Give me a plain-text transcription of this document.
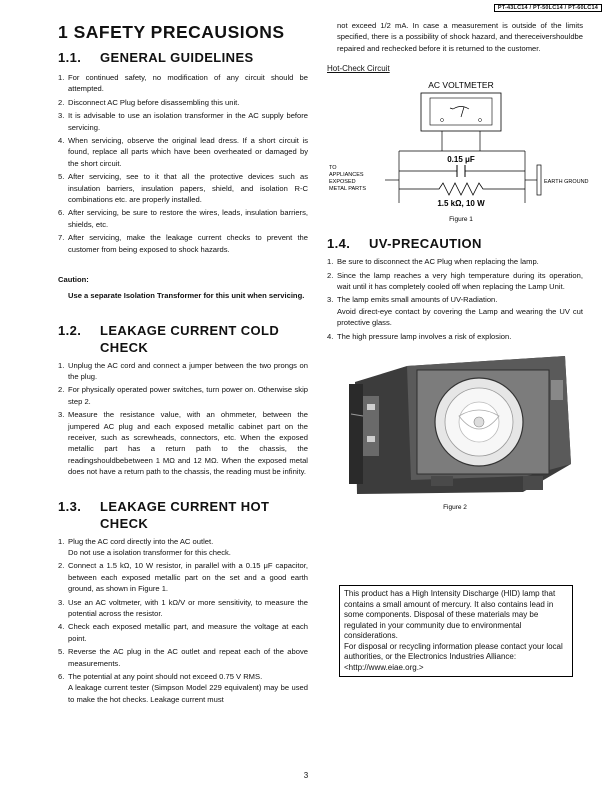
PT-43LC14 / PT-50LC14 / PT-60LC14
1 SAFETY PRECAUSIONS
1.1.	GENERAL GUIDELINES
1. For continued safety, no modification of any circuit should be attempted.
2. Disconnect AC Plug before disassembling this unit.
3. It is advisable to use an isolation transformer in the AC supply before servicing.
4. When servicing, observe the original lead dress. If a short circuit is found, replace all parts which have been overheated or damaged by the short circuit.
5. After servicing, see to it that all the protective devices such as insulation barriers, insulation papers, shield, and isolation R-C combinations etc. are properly installed.
6. After servicing, be sure to restore the wires, leads, insulation barriers, shields, etc.
7. After servicing, make the leakage current checks to prevent the customer from being exposed to shock hazards.
Caution:
Use a separate Isolation Transformer for this unit when servicing.
1.2.	LEAKAGE CURRENT COLD CHECK
1. Unplug the AC cord and connect a jumper between the two prongs on the plug.
2. For physically operated power switches, turn power on. Otherwise skip step 2.
3. Measure the resistance value, with an ohmmeter, between the jumpered AC plug and each exposed metallic cabinet part on the receiver, such as screwheads, connectors, etc. When the exposed metallic part has a return path to the chassis, the readingshouldbebetween 1 MΩ and 12 MΩ. When the exposed metal does not have a return path to the chassis, the reading must be infinity.
1.3.	LEAKAGE CURRENT HOT CHECK
1. Plug the AC cord directly into the AC outlet.
Do not use a isolation transformer for this check.
2. Connect a 1.5 kΩ, 10 W resistor, in parallel with a 0.15 μF capacitor, between each exposed metallic part on the set and a good earth ground, as shown in Figure 1.
3. Use an AC voltmeter, with 1 kΩ/V or more sensitivity, to measure the potential across the resistor.
4. Check each exposed metallic part, and measure the voltage at each point.
5. Reverse the AC plug in the AC outlet and repeat each of the above measurements.
6. The potential at any point should not exceed 0.75 V RMS.
A leakage current tester (Simpson Model 229 equivalent) may be used to make the hot checks. Leakage current must
not exceed 1/2 mA. In case a measurement is outside of the limits specified, there is a possibility of shock hazard, and thereceivershouldbe repaired and rechecked before it is returned to the customer.
Hot-Check Circuit
AC VOLTMETER
0.15 μF
1.5 kΩ, 10 W
TO
APPLIANCES
EXPOSED
METAL PARTS
EARTH GROUND
Figure 1
1.4.	UV-PRECAUTION
1. Be sure to disconnect the AC Plug when replacing the lamp.
2. Since the lamp reaches a very high temperature during its operation, wait until it has completely cooled off when replacing the Lamp Unit.
3. The lamp emits small amounts of UV-Radiation.
Avoid direct-eye contact by covering the Lamp and wearing the UV cut protective glass.
4. The high pressure lamp involves a risk of explosion.
Figure 2
This product has a High Intensity Discharge (HID) lamp that contains a small amount of mercury. It also contains lead in some components. Disposal of these materials may be regulated in your community due to environmental considerations.
For disposal or recycling information please contact your local authorities, or the Electronics Industries Alliance: <http://www.eiae.org.>
3
